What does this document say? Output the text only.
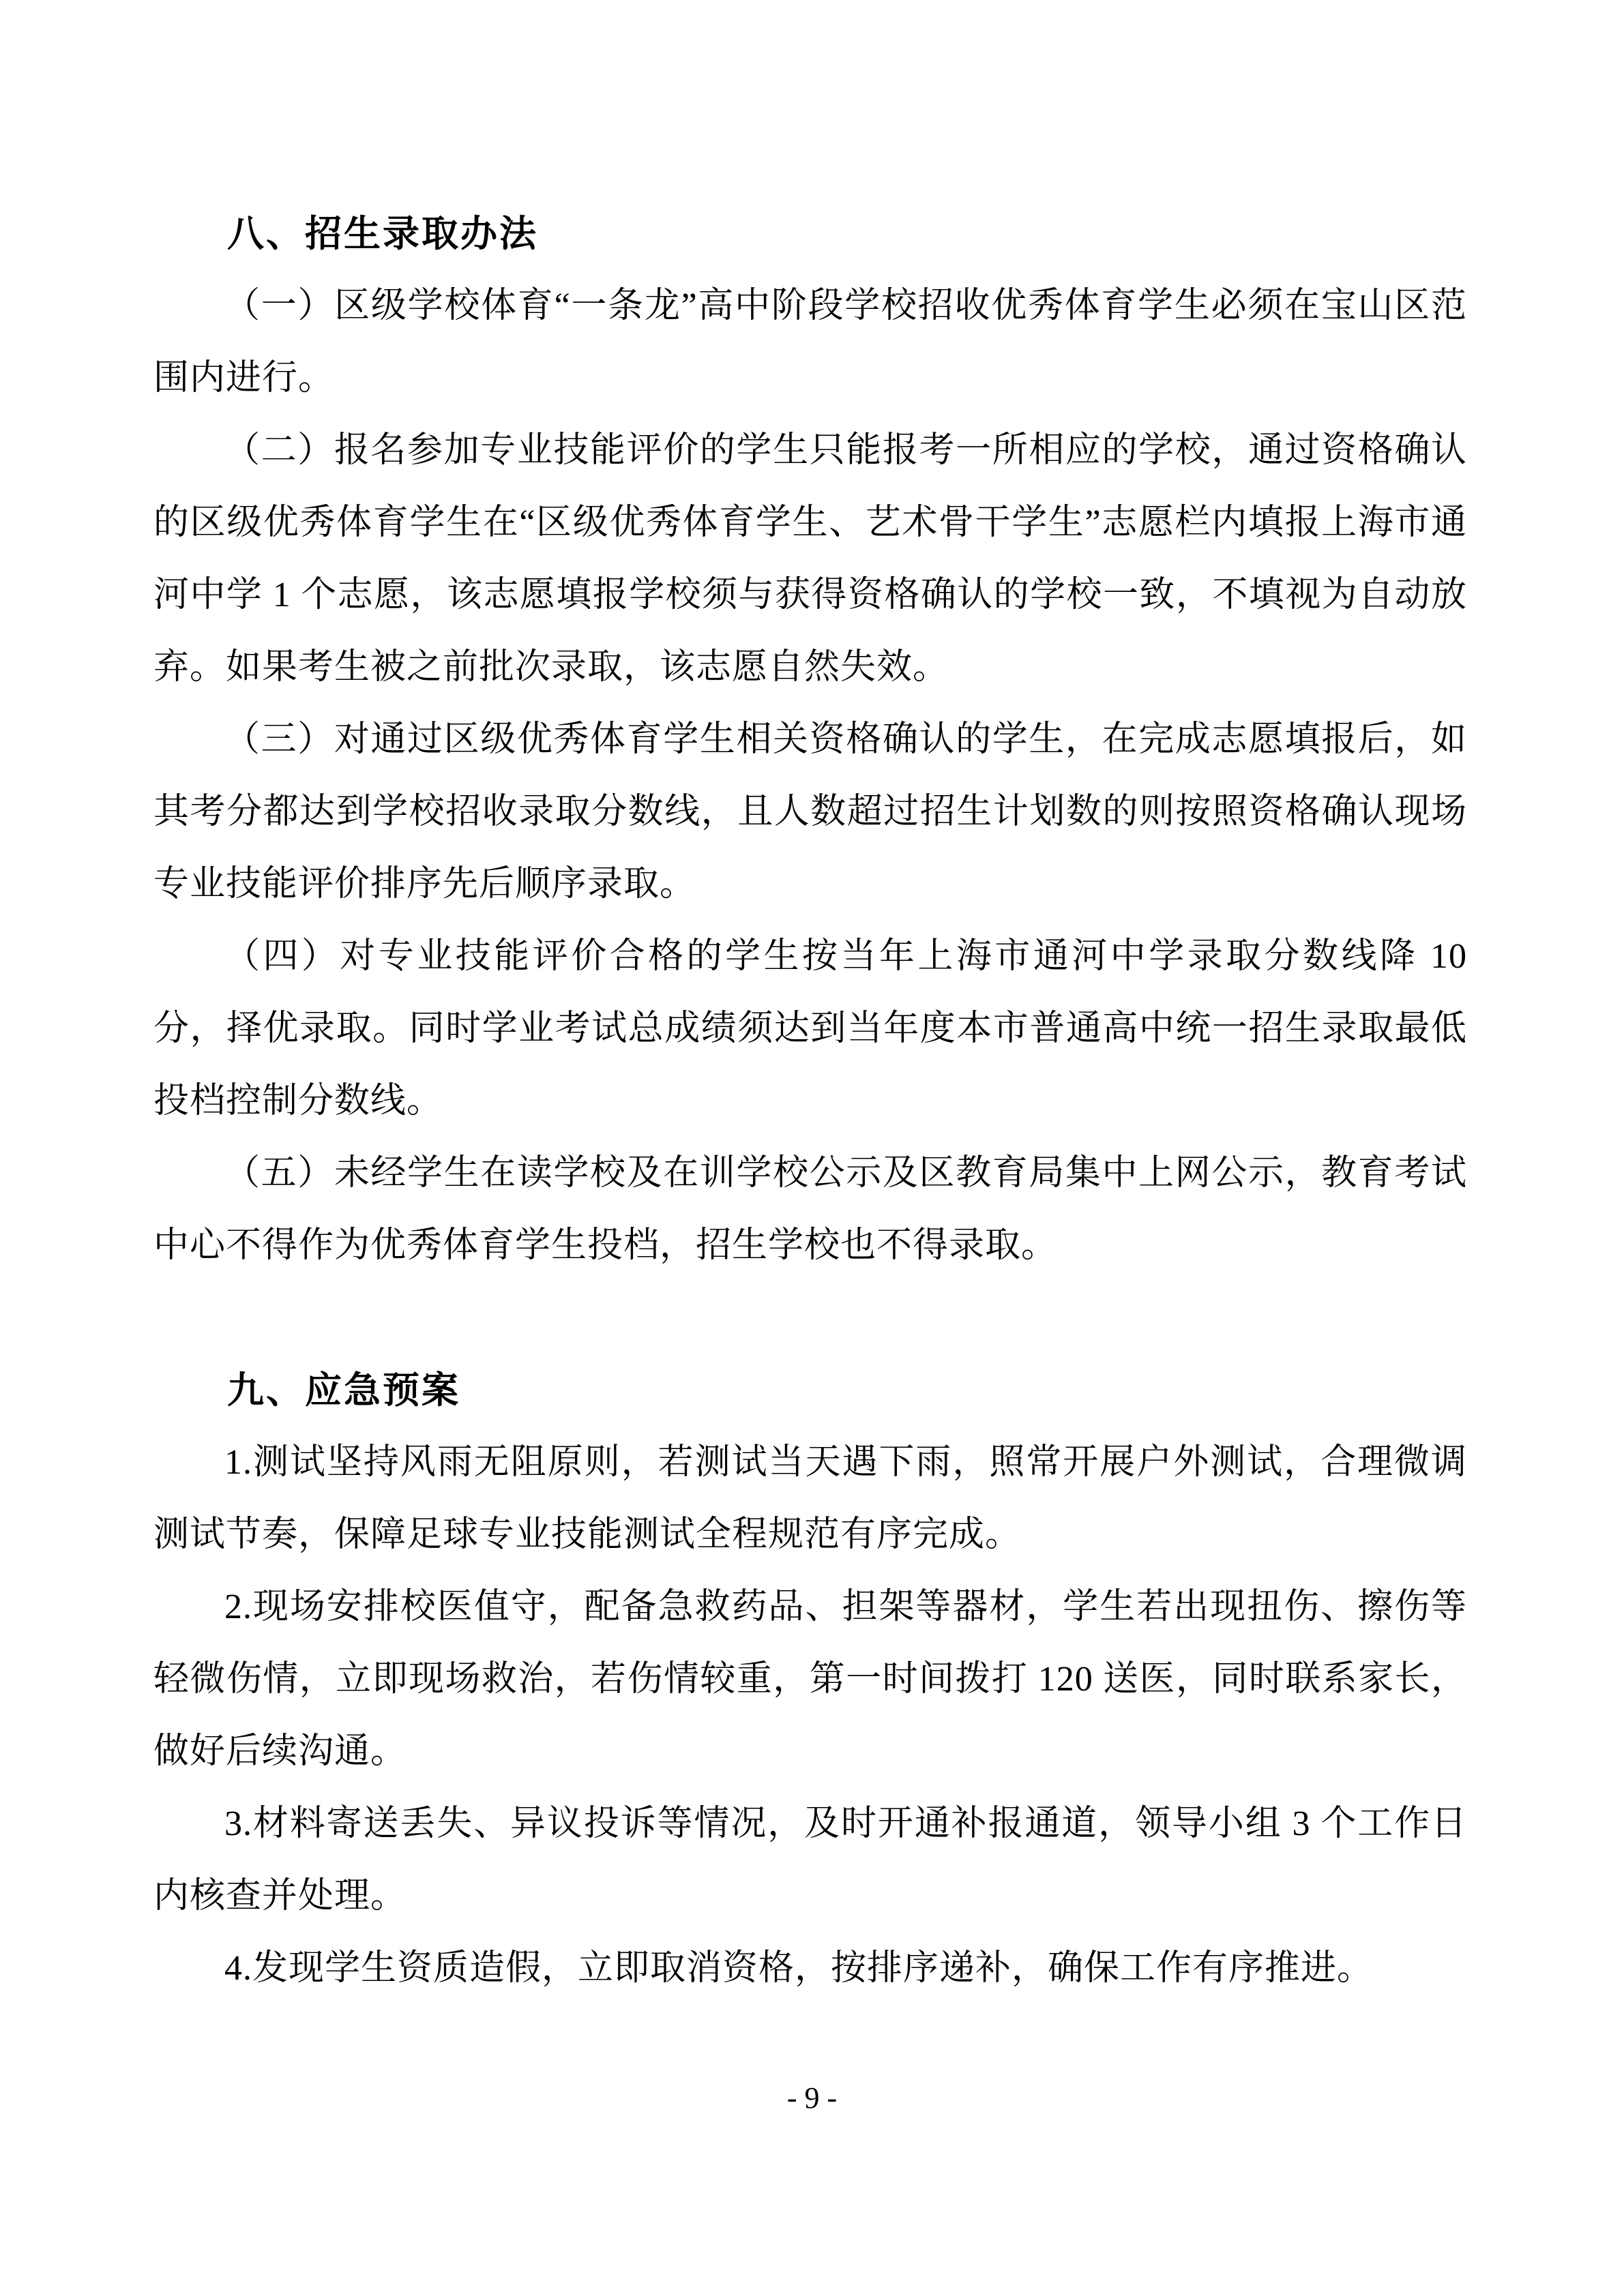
八、招生录取办法

（一）区级学校体育“一条龙”高中阶段学校招收优秀体育学生必须在宝山区范围内进行。

（二）报名参加专业技能评价的学生只能报考一所相应的学校，通过资格确认的区级优秀体育学生在“区级优秀体育学生、艺术骨干学生”志愿栏内填报上海市通河中学 1 个志愿，该志愿填报学校须与获得资格确认的学校一致，不填视为自动放弃。如果考生被之前批次录取，该志愿自然失效。

（三）对通过区级优秀体育学生相关资格确认的学生，在完成志愿填报后，如其考分都达到学校招收录取分数线，且人数超过招生计划数的则按照资格确认现场专业技能评价排序先后顺序录取。

（四）对专业技能评价合格的学生按当年上海市通河中学录取分数线降 10 分，择优录取。同时学业考试总成绩须达到当年度本市普通高中统一招生录取最低投档控制分数线。

（五）未经学生在读学校及在训学校公示及区教育局集中上网公示，教育考试中心不得作为优秀体育学生投档，招生学校也不得录取。

九、应急预案

1.测试坚持风雨无阻原则，若测试当天遇下雨，照常开展户外测试，合理微调测试节奏，保障足球专业技能测试全程规范有序完成。

2.现场安排校医值守，配备急救药品、担架等器材，学生若出现扭伤、擦伤等轻微伤情，立即现场救治，若伤情较重，第一时间拨打 120 送医，同时联系家长，做好后续沟通。

3.材料寄送丢失、异议投诉等情况，及时开通补报通道，领导小组 3 个工作日内核查并处理。

4.发现学生资质造假，立即取消资格，按排序递补，确保工作有序推进。

- 9 -
